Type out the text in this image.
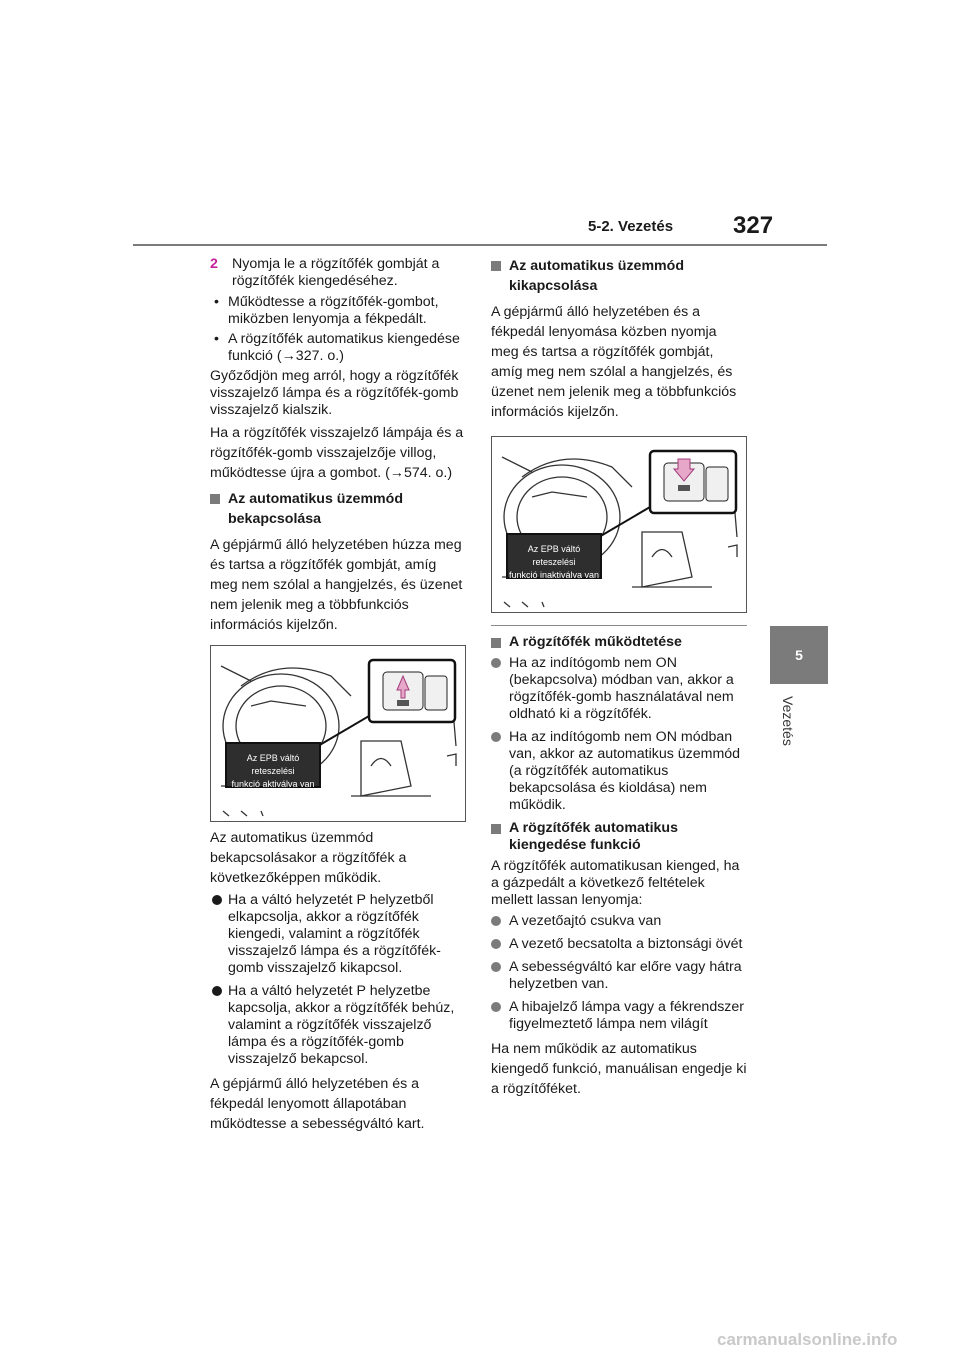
5-2. Vezetés 327
5
Vezetés
2 Nyomja le a rögzítőfék gombját a rögzítőfék kiengedéséhez.
• Működtesse a rögzítőfék-gombot, miközben lenyomja a fékpedált.
• A rögzítőfék automatikus kiengedése funkció (→327. o.)

Győződjön meg arról, hogy a rögzítőfék visszajelző lámpa és a rögzítőfék-gomb visszajelző kialszik.

Ha a rögzítőfék visszajelző lámpája és a rögzítőfék-gomb visszajelzője villog, működtesse újra a gombot. (→574. o.)

Az automatikus üzemmód bekapcsolása

A gépjármű álló helyzetében húzza meg és tartsa a rögzítőfék gombját, amíg meg nem szólal a hangjelzés, és üzenet nem jelenik meg a többfunkciós információs kijelzőn.

Az EPB váltó reteszelési
funkció aktiválva van

Az automatikus üzemmód bekapcsolásakor a rögzítőfék a következőképpen működik.

Ha a váltó helyzetét P helyzetből elkapcsolja, akkor a rögzítőfék kiengedi, valamint a rögzítőfék visszajelző lámpa és a rögzítőfék-gomb visszajelző kikapcsol.
Ha a váltó helyzetét P helyzetbe kapcsolja, akkor a rögzítőfék behúz, valamint a rögzítőfék visszajelző lámpa és a rögzítőfék-gomb visszajelző bekapcsol.

A gépjármű álló helyzetében és a fékpedál lenyomott állapotában működtesse a sebességváltó kart.

Az automatikus üzemmód kikapcsolása

A gépjármű álló helyzetében és a fékpedál lenyomása közben nyomja meg és tartsa a rögzítőfék gombját, amíg meg nem szólal a hangjelzés, és üzenet nem jelenik meg a többfunkciós információs kijelzőn.

Az EPB váltó reteszelési
funkció inaktiválva van
A rögzítőfék működtetése
Ha az indítógomb nem ON (bekapcsolva) módban van, akkor a rögzítőfék-gomb használatával nem oldható ki a rögzítőfék.
Ha az indítógomb nem ON módban van, akkor az automatikus üzemmód (a rögzítőfék automatikus bekapcsolása és kioldása) nem működik.
A rögzítőfék automatikus kiengedése funkció

A rögzítőfék automatikusan kienged, ha a gázpedált a következő feltételek mellett lassan lenyomja:

A vezetőajtó csukva van
A vezető becsatolta a biztonsági övét
A sebességváltó kar előre vagy hátra helyzetben van.
A hibajelző lámpa vagy a fékrendszer figyelmeztető lámpa nem világít

Ha nem működik az automatikus kiengedő funkció, manuálisan engedje ki a rögzítőféket.

carmanualsonline.info
